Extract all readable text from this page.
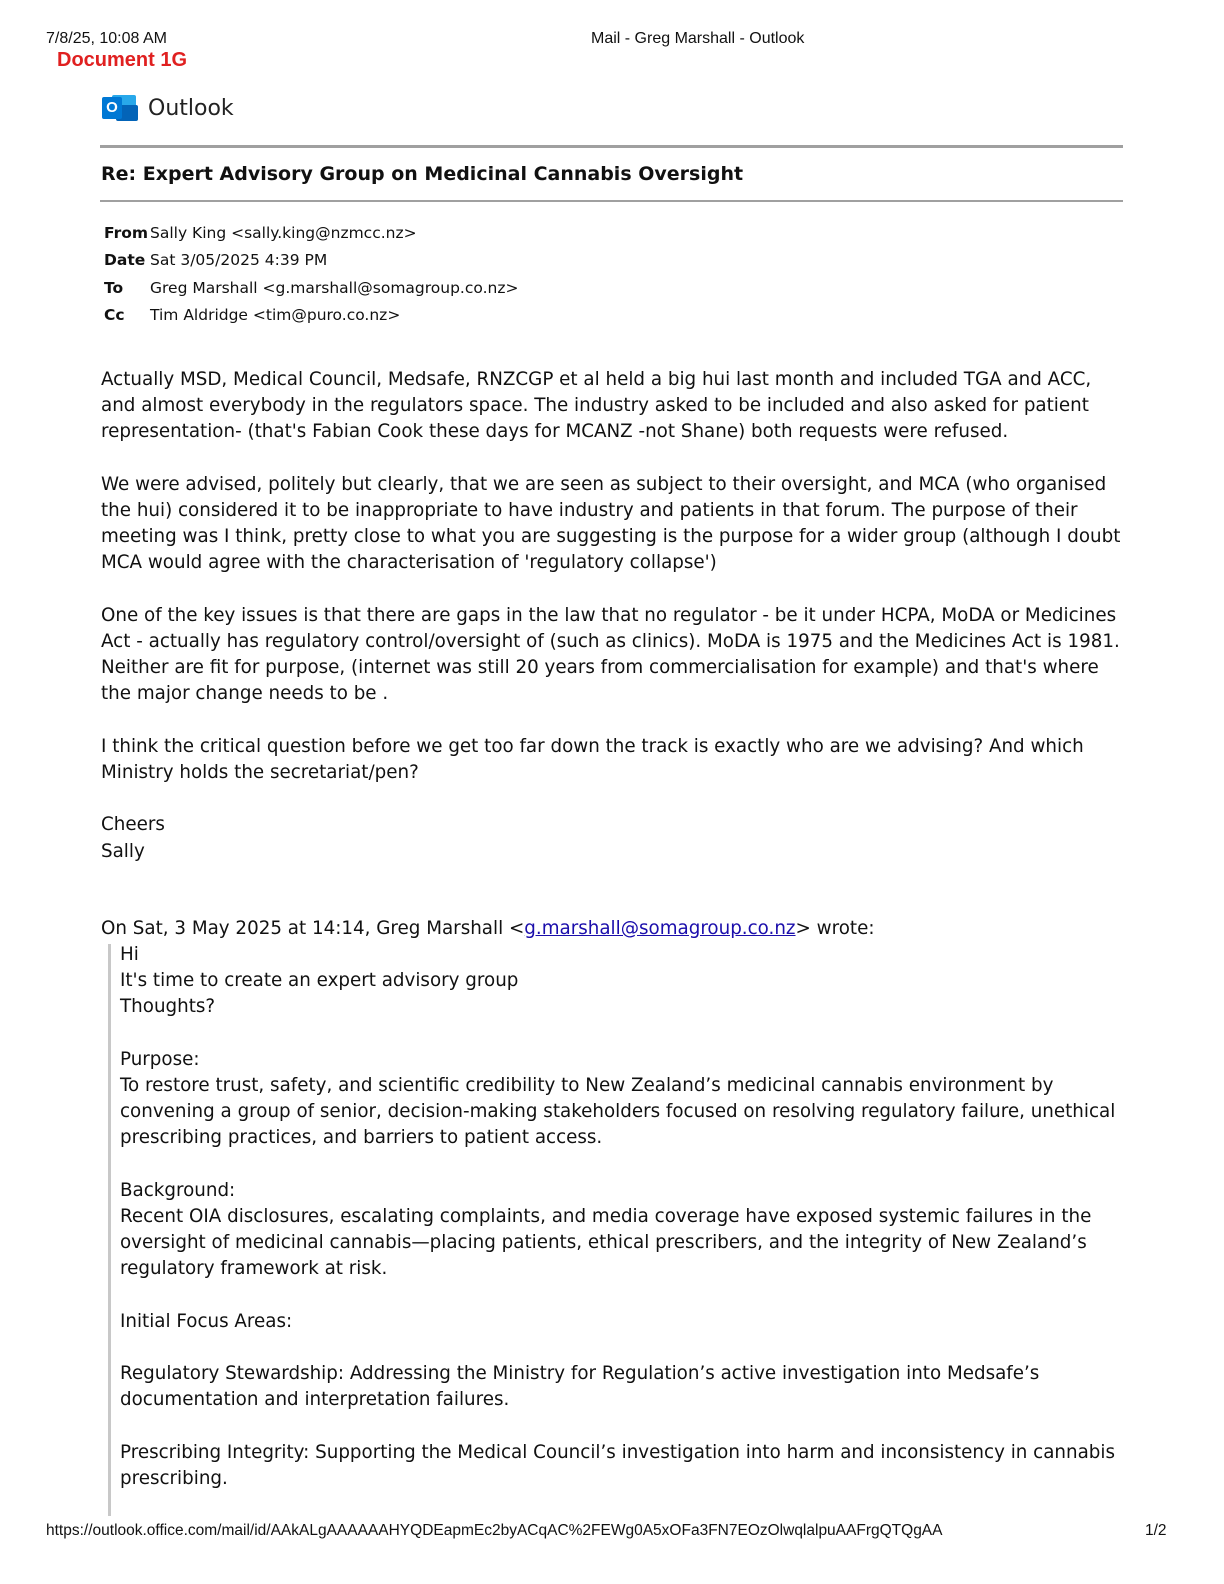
7/8/25, 10:08 AM	Mail - Greg Marshall - Outlook
Document 1G
O Outlook
Re: Expert Advisory Group on Medicinal Cannabis Oversight
From Sally King <sally.king@nzmcc.nz>
Date Sat 3/05/2025 4:39 PM
To	Greg Marshall <g.marshall@somagroup.co.nz>
Cc	Tim Aldridge <tim@puro.co.nz>

Actually MSD, Medical Council, Medsafe, RNZCGP et al held a big hui last month and included TGA and ACC, and almost everybody in the regulators space. The industry asked to be included and also asked for patient representation- (that's Fabian Cook these days for MCANZ -not Shane) both requests were refused.

We were advised, politely but clearly, that we are seen as subject to their oversight, and MCA (who organised the hui) considered it to be inappropriate to have industry and patients in that forum. The purpose of their meeting was I think, pretty close to what you are suggesting is the purpose for a wider group (although I doubt MCA would agree with the characterisation of 'regulatory collapse')

One of the key issues is that there are gaps in the law that no regulator - be it under HCPA, MoDA or Medicines Act - actually has regulatory control/oversight of (such as clinics). MoDA is 1975 and the Medicines Act is 1981. Neither are fit for purpose, (internet was still 20 years from commercialisation for example) and that's where the major change needs to be .

I think the critical question before we get too far down the track is exactly who are we advising? And which Ministry holds the secretariat/pen?

Cheers

Sally

On Sat, 3 May 2025 at 14:14, Greg Marshall <g.marshall@somagroup.co.nz> wrote:

Hi

It's time to create an expert advisory group

Thoughts?

Purpose:

To restore trust, safety, and scientific credibility to New Zealand’s medicinal cannabis environment by convening a group of senior, decision-making stakeholders focused on resolving regulatory failure, unethical prescribing practices, and barriers to patient access.

Background:

Recent OIA disclosures, escalating complaints, and media coverage have exposed systemic failures in the oversight of medicinal cannabis—placing patients, ethical prescribers, and the integrity of New Zealand’s regulatory framework at risk.

Initial Focus Areas:

Regulatory Stewardship: Addressing the Ministry for Regulation’s active investigation into Medsafe’s documentation and interpretation failures.

Prescribing Integrity: Supporting the Medical Council’s investigation into harm and inconsistency in cannabis prescribing.

https://outlook.office.com/mail/id/AAkALgAAAAAAHYQDEapmEc2byACqAC%2FEWg0A5xOFa3FN7EOzOlwqlalpuAAFrgQTQgAA	1/2
